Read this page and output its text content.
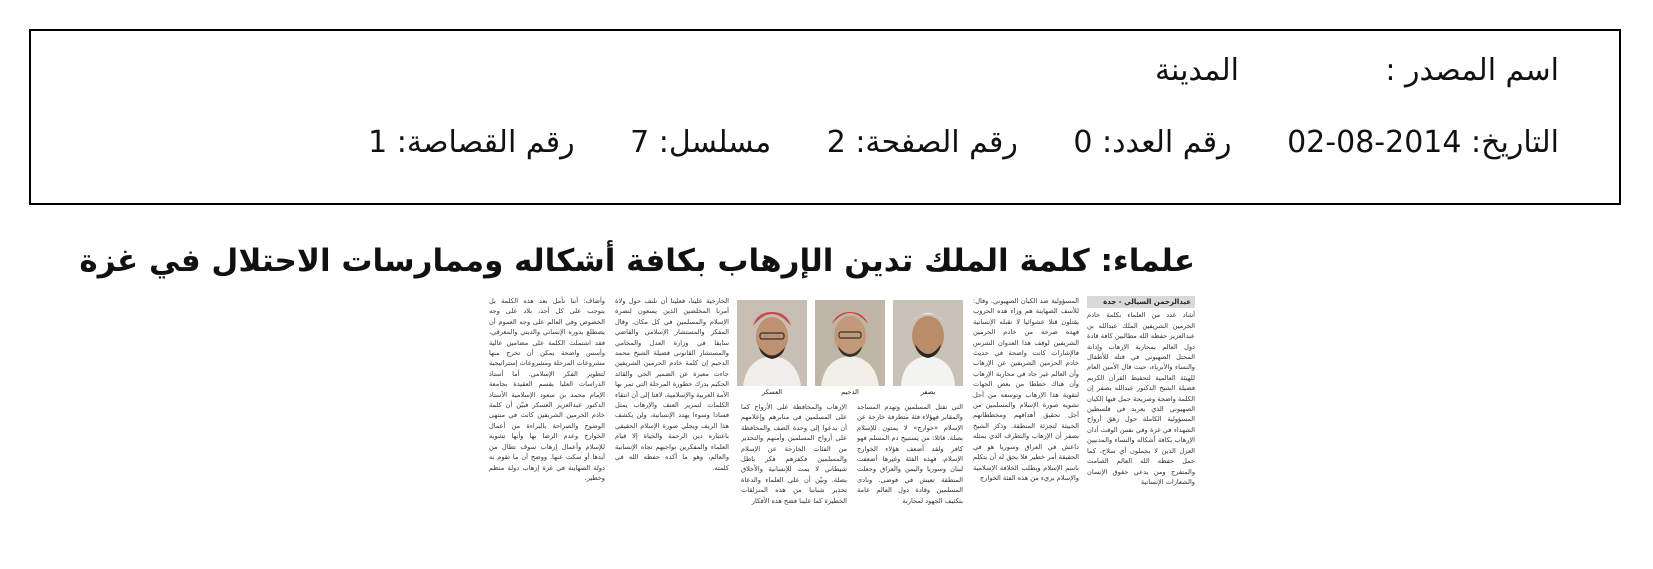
اسم المصدر :
المدينة
التاريخ: 2014-08-02 رقم العدد: 0 رقم الصفحة: 2 مسلسل: 7 رقم القصاصة: 1
علماء: كلمة الملك تدين الإرهاب بكافة أشكاله وممارسات الاحتلال في غزة
عبدالرحمن السيالي - جدة
أشاد عدد من العلماء بكلمة خادم الحرمين الشريفين الملك عبدالله بن عبدالعزيز حفظه الله مطالبين كافة قادة دول العالم بمحاربة الإرهاب وإدانة المحتل الصهيوني في قتله للأطفال والنساء والأبرياء، حيث قال الأمين العام للهيئة العالمية لتحفيظ القرآن الكريم فضيلة الشيخ الدكتور عبدالله بصفر إن الكلمة واضحة وصريحة حمل فيها الكيان الصهيوني الذي يعربد في فلسطين المسؤولية الكاملة حول زهق أرواح الشهداء في غزة وفي نفس الوقت أدان الإرهاب بكافة أشكاله والنساء والمدنيين العزل الذين لا يحملون أي سلاح، كما حمل حفظه الله العالم الصامت والمتفرج ومن يدعي حقوق الإنسان والشعارات الإنسانية
المسؤولية ضد الكيان الصهيوني. وقال: للأسف الصهاينة هم وراء هذه الحروب يقتلون قتلا عشوائيا لا تقبله الإنسانية فهذه صرخة من خادم الحرمين الشريفين لوقف هذا العدوان الشرس فالإشارات كانت واضحة في حديث خادم الحرمين الشريفين عن الإرهاب وأن العالم غير جاد في محاربة الإرهاب وأن هناك خططا من بعض الجهات لتقوية هذا الإرهاب وتوسعه من أجل تشويه صورة الإسلام والمسلمين من أجل تحقيق أهدافهم ومخططاتهم الخبيثة لتجزئة المنطقة. وذكر الشيخ بصفر أن الإرهاب والتطرف الذي يمثله داعش في العراق وسوريا هو في الحقيقة أمر خطير فلا يحق له أن يتكلم باسم الإسلام ويطلب الخلافة الإسلامية والإسلام بريء من هذه الفئة الخوارج
بصفر
الدحيم
العسكر
التي تقتل المسلمين وتهدم المساجد والمقابر فهؤلاء فئة متطرفة خارجة عن الإسلام «خوارج» لا يمتون للإسلام بصلة. قائلا: من يستبيح دم المسلم فهو كافر ولقد أضعف هؤلاء الخوارج الإسلام، فهذه الفئة وغيرها أضعفت لبنان وسوريا واليمن والعراق وجعلت المنطقة تعيش في فوضى. ونادى المسلمين وقادة دول العالم عامة بتكثيف الجهود لمحاربة
الإرهاب والمحافظة على الأرواح كما على المسلمين في منابرهم وإعلامهم أن يدعوا إلى وحدة الصف والمحافظة على أرواح المسلمين وأمنهم والتحذير من الفئات الخارجة عن الإسلام والمسلمين فكفرهم فكر باطل شيطاني لا يمت للإنسانية والأخلاق بصلة. وبيّن أن على العلماء والدعاة تحذير شبابنا من هذه المنزلقات الخطيرة كما علينا فضح هذه الأفكار
الخارجية علينا، فعلينا أن نلتف حول ولاة أمرنا المخلصين الذين يسعون لنصرة الإسلام والمسلمين في كل مكان. وقال المفكر والمستشار الإسلامي والقاضي سابقا في وزارة العدل والمحامي والمستشار القانوني فضيلة الشيخ محمد الدحيم إن كلمة خادم الحرمين الشريفين جاءت معبرة عن الضمير الحي والقائد الحكيم يدرك خطورة المرحلة التي تمر بها الأمة العربية والإسلامية، لافتا إلى أن انتقاء الكلمات لتمرير العنف والإرهاب يمثل فسادا وسوءا يهدد الإنسانية، ولن يكشف هذا الزيف ويجلي صورة الإسلام الحقيقي باعتباره دين الرحمة والحياة إلا قيام العلماء والمفكرين بواجبهم تجاه الإنسانية والعالم، وهو ما أكده حفظه الله في كلمته.
وأضاف: أننا نأمل بعد هذه الكلمة بل يتوجب على كل أحد، بلاد على وجه الخصوص وفي العالم على وجه العموم أن يضطلع بدوره الإنساني والديني والمعرفي، فقد اشتملت الكلمة على مضامين عالية وأسس واضحة يمكن أن تخرج منها مشروعات المرحلة ومشروعات إستراتيجية لتطوير الفكر الإسلامي. أما أستاذ الدراسات العليا بقسم العقيدة بجامعة الإمام محمد بن سعود الإسلامية الأستاذ الدكتور عبدالعزيز العسكر فبيّن أن كلمة خادم الحرمين الشريفين كانت في منتهى الوضوح والصراحة بالبراءة من أعمال الخوارج وعدم الرضا بها وأنها تشويه للإسلام وأعمال إرهاب سوف تطال من أيدها أو سكت عنها. ووضح أن ما تقوم به دولة الصهاينة في غزة إرهاب دولة منظم وخطير.
